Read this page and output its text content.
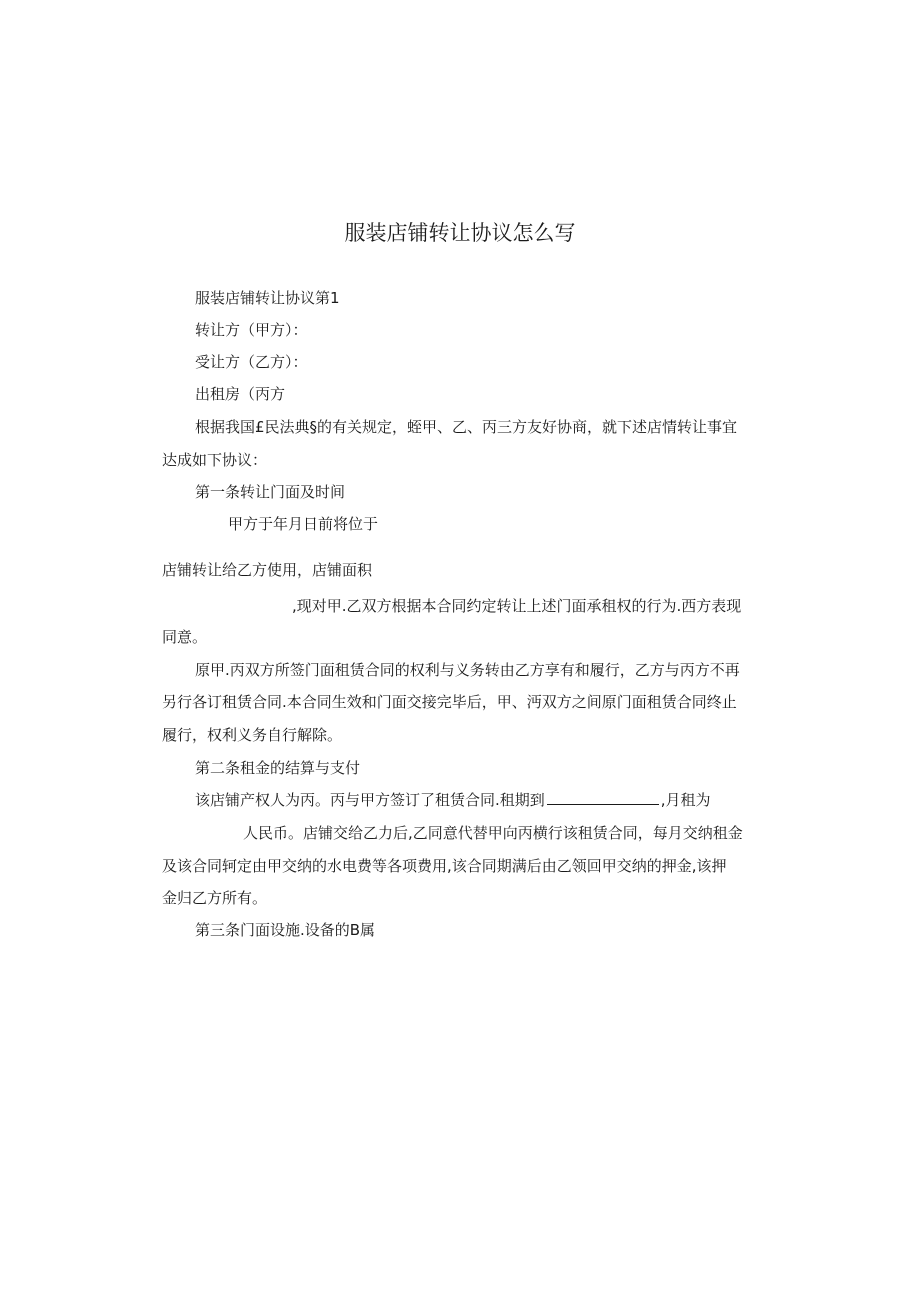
服装店铺转让协议怎么写
服装店铺转让协议第1
转让方（甲方）：
受让方（乙方）：
出租房（丙方
根据我国£民法典§的有关规定，蛭甲、乙、丙三方友好协商，就下述店情转让事宜
达成如下协议：
第一条转让门面及时间
甲方于年月日前将位于
店铺转让给乙方使用，店铺面积
,现对甲.乙双方根据本合同约定转让上述门面承租权的行为.西方表现
同意。
原甲.丙双方所签门面租赁合同的权利与义务转由乙方享有和履行，乙方与丙方不再
另行各订租赁合同.本合同生效和门面交接完毕后，甲、沔双方之间原门面租赁合同终止
履行，权利义务自行解除。
第二条租金的结算与支付
该店铺产权人为丙。丙与甲方签订了租赁合同.租期到	,月租为
人民币。店铺交给乙力后,乙同意代替甲向丙横行该租赁合同，每月交纳租金
及该合同轲定由甲交纳的水电费等各项费用,该合同期满后由乙领回甲交纳的押金,该押
金归乙方所有。
第三条门面设施.设备的B属
